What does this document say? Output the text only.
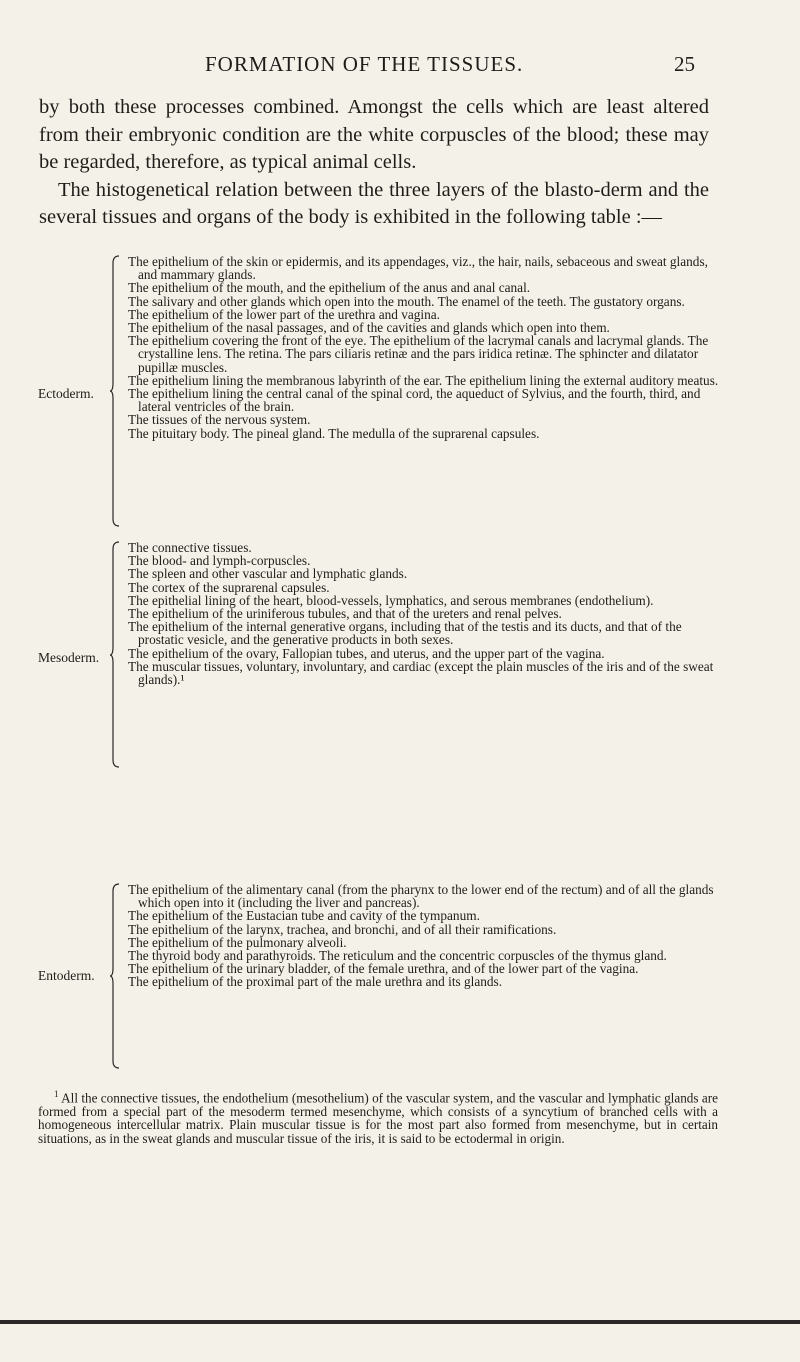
FORMATION OF THE TISSUES.	25

by both these processes combined. Amongst the cells which are least altered from their embryonic condition are the white corpuscles of the blood; these may be regarded, therefore, as typical animal cells.

The histogenetical relation between the three layers of the blasto-derm and the several tissues and organs of the body is exhibited in the following table :—

Ectoderm.
The epithelium of the skin or epidermis, and its appendages, viz., the hair, nails, sebaceous and sweat glands, and mammary glands.
The epithelium of the mouth, and the epithelium of the anus and anal canal.
The salivary and other glands which open into the mouth. The enamel of the teeth. The gustatory organs.
The epithelium of the lower part of the urethra and vagina.
The epithelium of the nasal passages, and of the cavities and glands which open into them.
The epithelium covering the front of the eye. The epithelium of the lacrymal canals and lacrymal glands. The crystalline lens. The retina. The pars ciliaris retinæ and the pars iridica retinæ. The sphincter and dilatator pupillæ muscles.
The epithelium lining the membranous labyrinth of the ear. The epithelium lining the external auditory meatus.
The epithelium lining the central canal of the spinal cord, the aqueduct of Sylvius, and the fourth, third, and lateral ventricles of the brain.
The tissues of the nervous system.
The pituitary body. The pineal gland. The medulla of the suprarenal capsules.
Mesoderm.
The connective tissues.
The blood- and lymph-corpuscles.
The spleen and other vascular and lymphatic glands.
The cortex of the suprarenal capsules.
The epithelial lining of the heart, blood-vessels, lymphatics, and serous membranes (endothelium).
The epithelium of the uriniferous tubules, and that of the ureters and renal pelves.
The epithelium of the internal generative organs, including that of the testis and its ducts, and that of the prostatic vesicle, and the generative products in both sexes.
The epithelium of the ovary, Fallopian tubes, and uterus, and the upper part of the vagina.
The muscular tissues, voluntary, involuntary, and cardiac (except the plain muscles of the iris and of the sweat glands).¹
Entoderm.
The epithelium of the alimentary canal (from the pharynx to the lower end of the rectum) and of all the glands which open into it (including the liver and pancreas).
The epithelium of the Eustacian tube and cavity of the tympanum.
The epithelium of the larynx, trachea, and bronchi, and of all their ramifications.
The epithelium of the pulmonary alveoli.
The thyroid body and parathyroids. The reticulum and the concentric corpuscles of the thymus gland.
The epithelium of the urinary bladder, of the female urethra, and of the lower part of the vagina.
The epithelium of the proximal part of the male urethra and its glands.
$^1$ All the connective tissues, the endothelium (mesothelium) of the vascular system, and the vascular and lymphatic glands are formed from a special part of the mesoderm termed mesenchyme, which consists of a syncytium of branched cells with a homogeneous intercellular matrix. Plain muscular tissue is for the most part also formed from mesenchyme, but in certain situations, as in the sweat glands and muscular tissue of the iris, it is said to be ectodermal in origin.
